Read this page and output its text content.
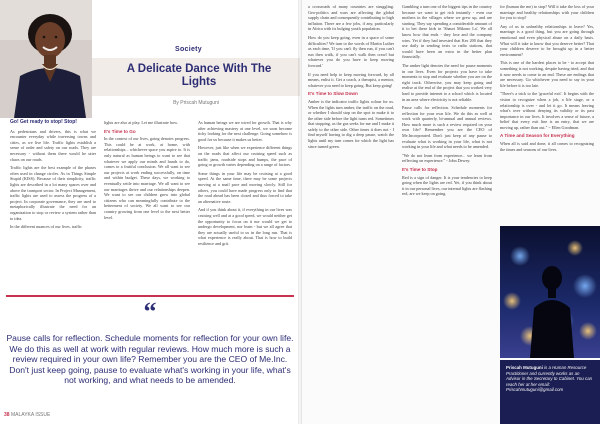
Society
A Delicate Dance With The
Lights
By Priscah Mutuguni

Go! Get ready to stop! Stop!

As pedestrians and drivers, this is what we encounter everyday while traversing towns and cities, as we live life. Traffic lights establish a sense of order and safety on our roads. They are necessary - without them there would be utter chaos on our roads.

Traffic lights are the best example of the phases often used in change circles. As in Things Simple Stupid (KISS). Because of their simplicity, traffic lights are described in a lot many spaces over and above the transport sector. In Project Management, traffic lights are used to assess the progress of a project. In corporate governance, they are used to metaphorically illustrate the need for an organization to stop or review a system rather than to idea.

In the different nuances of our lives, traffic

lights are also at play. Let me illustrate how.

It's Time to Go

In the context of our lives, going denotes progress. This could be at work, at home, with relationships... whichever space you aspire to. It is only natural as human beings to want to see that whatever we apply our minds and hands to do, comes to a fruitful conclusion. We all want to see our projects at work ending successfully, on time and within budget. These days, we working to eventually settle into marriage. We all want to see our marriages thrive and our relationships deepen. We want to see our children grow into global citizens who can meaningfully contribute to the betterment of society. We all want to see our country growing from one level to the next better level.

As human beings we are wired for growth. That is why after achieving mastery at one level, we soon become itchy looking for the next challenge. Going somehow is good for us because it makes us better.

However, just like when we experience different things on the roads that affect our cruising speed such as traffic jams, roadside stops and bumps, the pace of going or growth varies depending on a range of factors.

Some things in your life may be cruising at a good speed. At the same time, there may be some projects moving at a snail pace and moving slowly. Still for others, you could have made progress only to find that the road ahead has been closed and thus forced to take an alternative route.

And if you think about it, if everything in our lives was cruising well and at a good speed, we would neither get the opportunity to focus on it nor would we get to undergo development, nor learn - but we all agree that they are actually useful to us in the long run. That is what experience is really about. That is how to build resilience and grit.

“
Pause calls for reflection. Schedule moments for reflection for your own life. We do this as well at work with regular reviews. How much more is such a review required in your own life? Remember you are the CEO of Me.Inc. Don't just keep going, pause to evaluate what's working in your life, what's not working, and what needs to be amended.
38 MALAYKA ISSUE

a crossroads of many countries are struggling. Geo-politics and wars are affecting the global supply chain and consequently contributing to high inflation. There are a few jobs, if any, particularly in Africa with its bulging youth population.

How do you keep going, even in a space of some difficulties? We turn to the words of Martin Luther as each time, 'If you can't fly then run, if you can't run then walk, if you can't walk then crawl but whatever you do you have to keep moving forward.'

If you need help to keep moving forward, by all means, enlist it. Get a coach, a therapist, a mentor, whatever you need to keep going. But keep going!

It's Time to Slow Down

Amber is the indicator traffic lights colour for us. When the lights turn amber, the traffic on the road, or whether I should stop on the spot to make it to the other side before the light turns red. Sometimes that stopping, as the gas seeks for me and I make it safely to the other side. Other times it does not - I find myself having to dig a deep pause, watch the lights until my turn comes for which the light has since turned green.

Gambling a turn one of the biggest tips in the country because we want to get rich instantly - even our mothers in the villages where we grew up, and are starting. They say spending a considerable amount of it to bet these kids in 'Shauri Mikono La'. We all know how that ends - they lose and the company wins. Yet if they had invested that Kes 200 that they use daily in sending texts to radio stations, that would have been an extra in the better plan financially.

The amber light denotes the need for pause moments in our lives. Even for projects you have to take moments to stop and evaluate whether you are on the right track. Otherwise, you may keep going and realise at the end of the project that you worked very hard to provide internet to a school which is located in an area where electricity is not reliable.

Pause calls for reflection. Schedule moments for reflection for your own life. We do this as well at work with quarterly, bi-annual and annual reviews. How much more is such a review required on your own life? Remember you are the CEO of Me.Incorporated. Don't just keep of any pause to evaluate what is working in your life, what is not working in your life and what needs to be amended.

"We do not learn from experience... we learn from reflecting on experience." - John Dewey.

It's Time to Stop

Red is a sign of danger. It is your tendencies to keep going when the lights are red. Yet, if you think about it in our personal lives, our internal lights are flashing red, are we keep on going.

for (human the me) to stop? Will it take the loss of your marriage and healthy relationships with your children for you to stop?

Any of us in unhealthy relationships to leave? Yes, marriage is a good thing, but you are going through emotional and even physical abuse on a daily basis. What will it take to know that you deserve better? That your children deserve to be brought up in a better environment?

This is one of the hardest places to be - to accept that something is not working, despite having tried, and that it now needs to come to an end. These are endings that are necessary. Go whichever you need to say in your life before it is too late.

"There's a trick to the 'graceful exit'. It begins with the vision to recognize when a job, a life stage, or a relationship is over - and let it go. It means leaving what's over without denying its validity or its past importance in our lives. It involves a sense of future, a belief that every exit line is an entry, that we are moving up, rather than out." ~ Ellen Goodman.

A Time and Season for Everything

When all is said and done, it all comes to recognizing the times and seasons of our lives.

Priscah Mutuguni is a Human Resource Practitioner and currently works as an Advisor in the Secretary to Cabinet. You can reach her at her email: Priscahmutuguni@gmail.com
